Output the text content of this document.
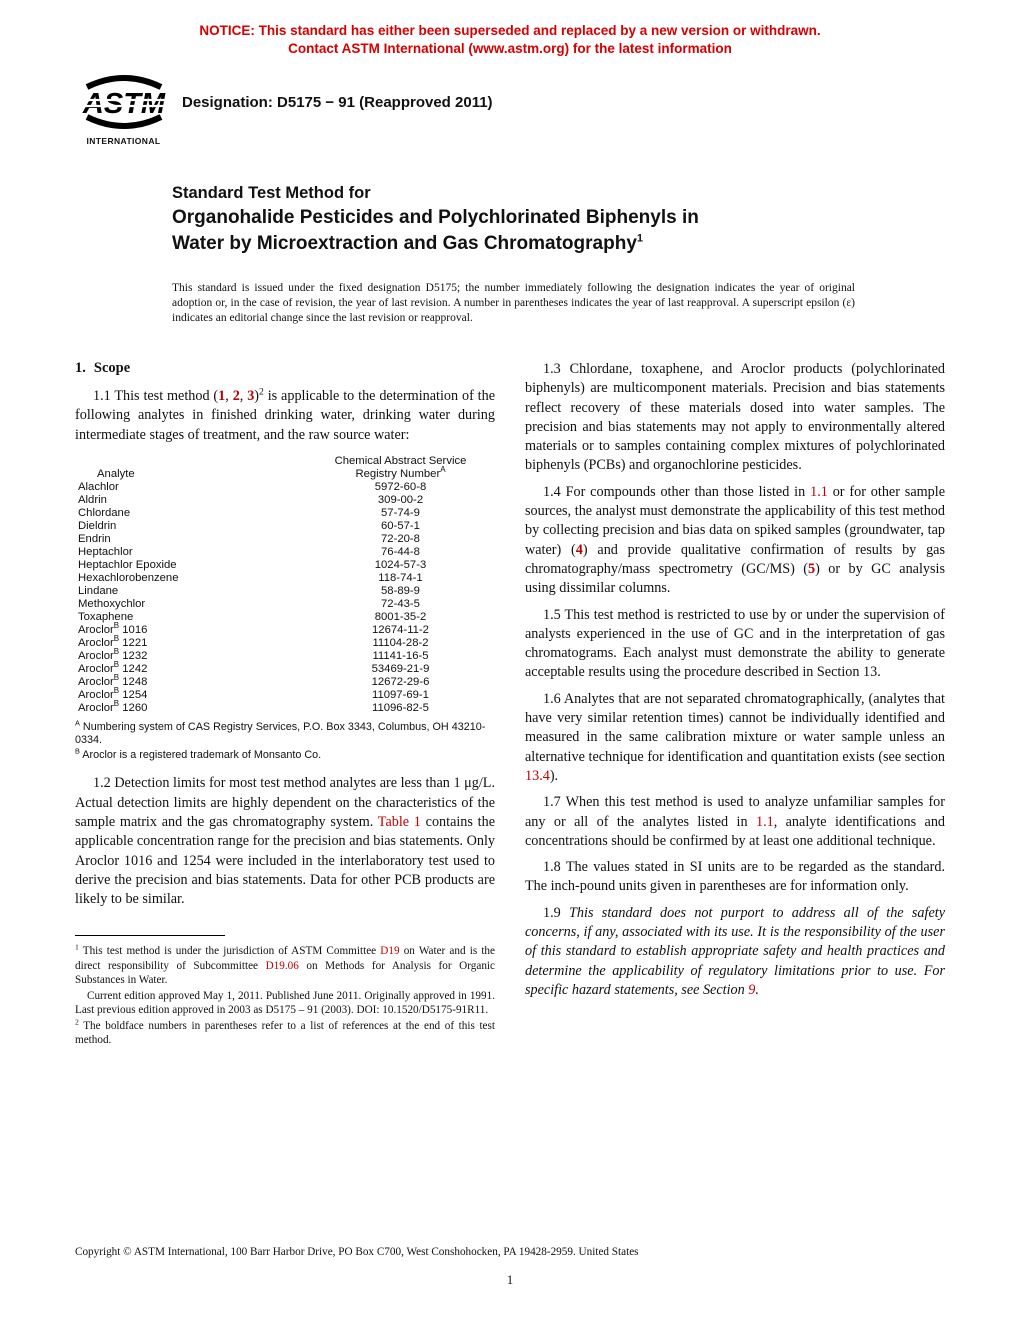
NOTICE: This standard has either been superseded and replaced by a new version or withdrawn.
Contact ASTM International (www.astm.org) for the latest information
ASTM
INTERNATIONAL
Designation: D5175 − 91 (Reapproved 2011)
Standard Test Method for
Organohalide Pesticides and Polychlorinated Biphenyls in
Water by Microextraction and Gas Chromatography$^1$
This standard is issued under the fixed designation D5175; the number immediately following the designation indicates the year of original adoption or, in the case of revision, the year of last revision. A number in parentheses indicates the year of last reapproval. A superscript epsilon (ε) indicates an editorial change since the last revision or reapproval.
1. Scope

1.1 This test method (1, 2, 3)$^2$ is applicable to the determination of the following analytes in finished drinking water, drinking water during intermediate stages of treatment, and the raw source water:

	Chemical Abstract Service
Analyte	Registry Number$^A$
Alachlor	5972-60-8
Aldrin	309-00-2
Chlordane	57-74-9
Dieldrin	60-57-1
Endrin	72-20-8
Heptachlor	76-44-8
Heptachlor Epoxide	1024-57-3
Hexachlorobenzene	118-74-1
Lindane	58-89-9
Methoxychlor	72-43-5
Toxaphene	8001-35-2
Aroclor$^B$ 1016	12674-11-2
Aroclor$^B$ 1221	11104-28-2
Aroclor$^B$ 1232	11141-16-5
Aroclor$^B$ 1242	53469-21-9
Aroclor$^B$ 1248	12672-29-6
Aroclor$^B$ 1254	11097-69-1
Aroclor$^B$ 1260	11096-82-5
$^A$ Numbering system of CAS Registry Services, P.O. Box 3343, Columbus, OH 43210-0334.
$^B$ Aroclor is a registered trademark of Monsanto Co.

1.2 Detection limits for most test method analytes are less than 1 μg/L. Actual detection limits are highly dependent on the characteristics of the sample matrix and the gas chromatography system. Table 1 contains the applicable concentration range for the precision and bias statements. Only Aroclor 1016 and 1254 were included in the interlaboratory test used to derive the precision and bias statements. Data for other PCB products are likely to be similar.

$^1$ This test method is under the jurisdiction of ASTM Committee D19 on Water and is the direct responsibility of Subcommittee D19.06 on Methods for Analysis for Organic Substances in Water.

Current edition approved May 1, 2011. Published June 2011. Originally approved in 1991. Last previous edition approved in 2003 as D5175 – 91 (2003). DOI: 10.1520/D5175-91R11.

$^2$ The boldface numbers in parentheses refer to a list of references at the end of this test method.

1.3 Chlordane, toxaphene, and Aroclor products (polychlorinated biphenyls) are multicomponent materials. Precision and bias statements reflect recovery of these materials dosed into water samples. The precision and bias statements may not apply to environmentally altered materials or to samples containing complex mixtures of polychlorinated biphenyls (PCBs) and organochlorine pesticides.

1.4 For compounds other than those listed in 1.1 or for other sample sources, the analyst must demonstrate the applicability of this test method by collecting precision and bias data on spiked samples (groundwater, tap water) (4) and provide qualitative confirmation of results by gas chromatography/mass spectrometry (GC/MS) (5) or by GC analysis using dissimilar columns.

1.5 This test method is restricted to use by or under the supervision of analysts experienced in the use of GC and in the interpretation of gas chromatograms. Each analyst must demonstrate the ability to generate acceptable results using the procedure described in Section 13.

1.6 Analytes that are not separated chromatographically, (analytes that have very similar retention times) cannot be individually identified and measured in the same calibration mixture or water sample unless an alternative technique for identification and quantitation exists (see section 13.4).

1.7 When this test method is used to analyze unfamiliar samples for any or all of the analytes listed in 1.1, analyte identifications and concentrations should be confirmed by at least one additional technique.

1.8 The values stated in SI units are to be regarded as the standard. The inch-pound units given in parentheses are for information only.

1.9 This standard does not purport to address all of the safety concerns, if any, associated with its use. It is the responsibility of the user of this standard to establish appropriate safety and health practices and determine the applicability of regulatory limitations prior to use. For specific hazard statements, see Section 9.

Copyright © ASTM International, 100 Barr Harbor Drive, PO Box C700, West Conshohocken, PA 19428-2959. United States
1
